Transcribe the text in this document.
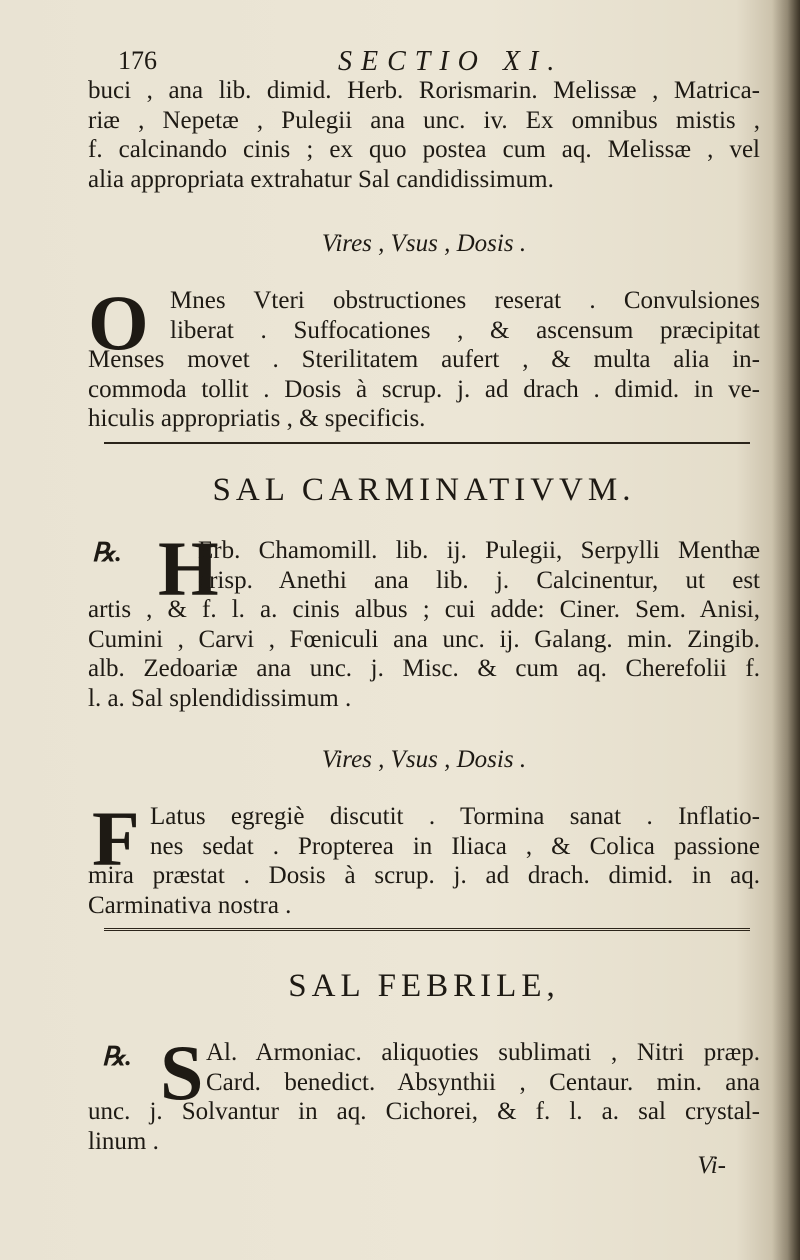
176	SECTIO XI.
buci , ana lib. dimid. Herb. Rorismarin. Melissæ , Matrica-
riæ , Nepetæ , Pulegii ana unc. iv. Ex omnibus mistis ,
f. calcinando cinis ; ex quo postea cum aq. Melissæ , vel
alia appropriata extrahatur Sal candidissimum.
Vires , Vsus , Dosis .
O Mnes Vteri obstructiones reserat . Convulsiones
liberat . Suffocationes , & ascensum præcipitat
Menses movet . Sterilitatem aufert , & multa alia in-
commoda tollit . Dosis à scrup. j. ad drach . dimid. in ve-
hiculis appropriatis , & specificis.
SAL CARMINATIVVM.
℞. H
Erb. Chamomill. lib. ij. Pulegii, Serpylli Menthæ
crisp. Anethi ana lib. j. Calcinentur, ut est
artis , & f. l. a. cinis albus ; cui adde: Ciner. Sem. Anisi,
Cumini , Carvi , Fœniculi ana unc. ij. Galang. min. Zingib.
alb. Zedoariæ ana unc. j. Misc. & cum aq. Cherefolii f.
l. a. Sal splendidissimum .
Vires , Vsus , Dosis .
F Latus egregiè discutit . Tormina sanat . Inflatio-
nes sedat . Propterea in Iliaca , & Colica passione
mira præstat . Dosis à scrup. j. ad drach. dimid. in aq.
Carminativa nostra .
SAL FEBRILE,
℞. S Al. Armoniac. aliquoties sublimati , Nitri præp.
Card. benedict. Absynthii , Centaur. min. ana
unc. j. Solvantur in aq. Cichorei, & f. l. a. sal crystal-
linum .
Vi-
